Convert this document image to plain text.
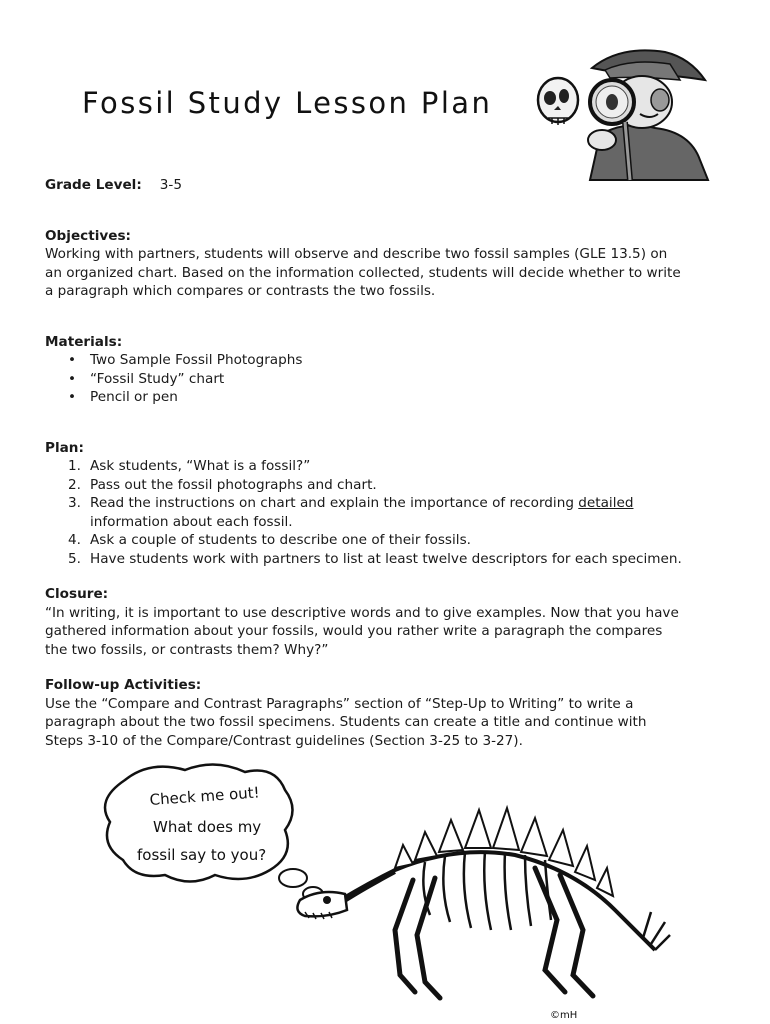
Fossil Study Lesson Plan
Grade Level: 3-5
Objectives:

Working with partners, students will observe and describe two fossil samples (GLE 13.5) on an organized chart. Based on the information collected, students will decide whether to write a paragraph which compares or contrasts the two fossils.

Materials:
• Two Sample Fossil Photographs
• “Fossil Study” chart
• Pencil or pen
Plan:
1. Ask students, “What is a fossil?”
2. Pass out the fossil photographs and chart.
3. Read the instructions on chart and explain the importance of recording detailed information about each fossil.
4. Ask a couple of students to describe one of their fossils.
5. Have students work with partners to list at least twelve descriptors for each specimen.
Closure:

“In writing, it is important to use descriptive words and to give examples. Now that you have gathered information about your fossils, would you rather write a paragraph the compares the two fossils, or contrasts them? Why?”

Follow-up Activities:

Use the “Compare and Contrast Paragraphs” section of “Step-Up to Writing” to write a paragraph about the two fossil specimens. Students can create a title and continue with Steps 3-10 of the Compare/Contrast guidelines (Section 3-25 to 3-27).

Check me out!
What does my
fossil say to you?
©mH
